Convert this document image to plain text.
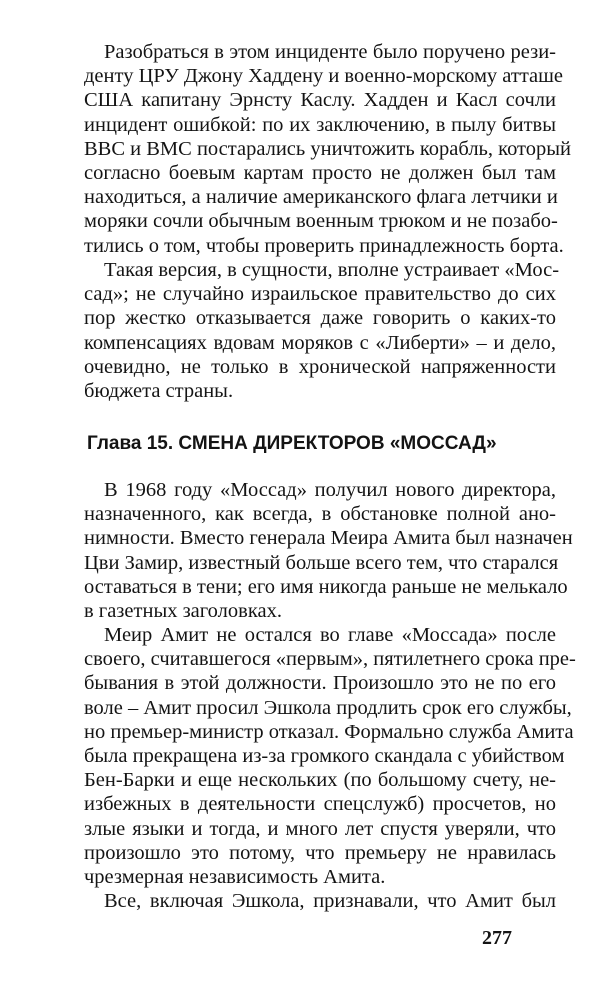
Разобраться в этом инциденте было поручено рези-
денту ЦРУ Джону Хаддену и военно-морскому атташе
США капитану Эрнсту Каслу. Хадден и Касл сочли
инцидент ошибкой: по их заключению, в пылу битвы
ВВС и ВМС постарались уничтожить корабль, который
согласно боевым картам просто не должен был там
находиться, а наличие американского флага летчики и
моряки сочли обычным военным трюком и не позабо-
тились о том, чтобы проверить принадлежность борта.
Такая версия, в сущности, вполне устраивает «Мос-
сад»; не случайно израильское правительство до сих
пор жестко отказывается даже говорить о каких-то
компенсациях вдовам моряков с «Либерти» – и дело,
очевидно, не только в хронической напряженности
бюджета страны.
Глава 15. СМЕНА ДИРЕКТОРОВ «МОССАД»
В 1968 году «Моссад» получил нового директора,
назначенного, как всегда, в обстановке полной ано-
нимности. Вместо генерала Меира Амита был назначен
Цви Замир, известный больше всего тем, что старался
оставаться в тени; его имя никогда раньше не мелькало
в газетных заголовках.
Меир Амит не остался во главе «Моссада» после
своего, считавшегося «первым», пятилетнего срока пре-
бывания в этой должности. Произошло это не по его
воле – Амит просил Эшкола продлить срок его службы,
но премьер-министр отказал. Формально служба Амита
была прекращена из-за громкого скандала с убийством
Бен-Барки и еще нескольких (по большому счету, не-
избежных в деятельности спецслужб) просчетов, но
злые языки и тогда, и много лет спустя уверяли, что
произошло это потому, что премьеру не нравилась
чрезмерная независимость Амита.
Все, включая Эшкола, признавали, что Амит был
277
